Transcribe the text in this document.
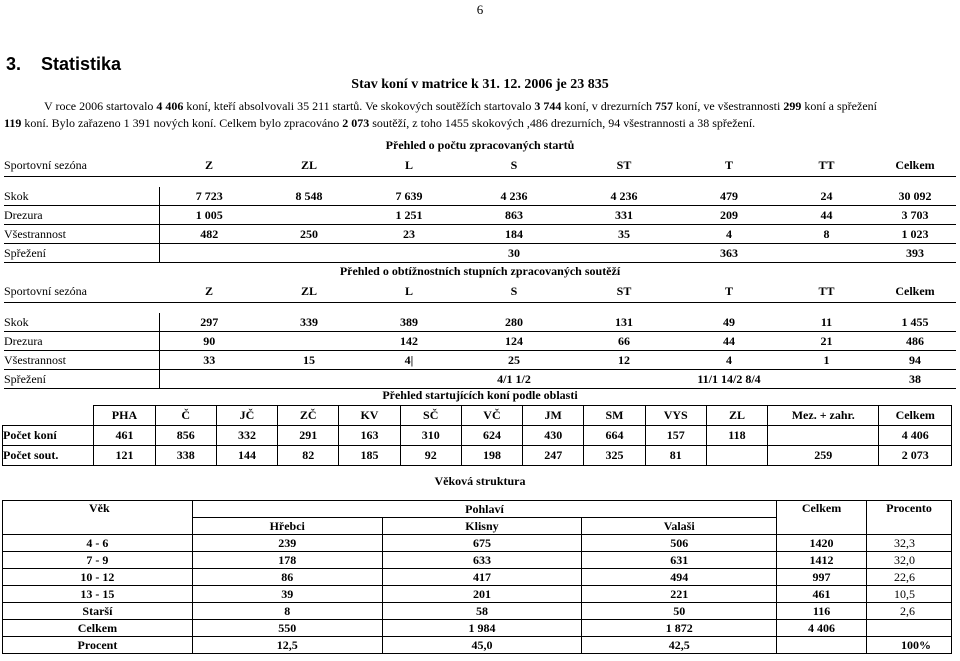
6
3. Statistika
Stav koní v matrice k 31. 12. 2006 je 23 835
V roce 2006 startovalo 4 406 koní, kteří absolvovali 35 211 startů. Ve skokových soutěžích startovalo 3 744 koní, v drezurních 757 koní, ve všestrannosti 299 koní a spřežení
119 koní. Bylo zařazeno 1 391 nových koní. Celkem bylo zpracováno 2 073 soutěží, z toho 1455 skokových ,486 drezurních, 94 všestrannosti a 38 spřežení.
Přehled o počtu zpracovaných startů
Sportovní sezóna	Z	ZL	L	S	ST	T	TT	Celkem

Skok	7 723	8 548	7 639	4 236	4 236	479	24	30 092
Drezura	1 005		1 251	863	331	209	44	3 703
Všestrannost	482	250	23	184	35	4	8	1 023
Spřežení				30		363		393
Přehled o obtížnostních stupních zpracovaných soutěží
Sportovní sezóna	Z	ZL	L	S	ST	T	TT	Celkem

Skok	297	339	389	280	131	49	11	1 455
Drezura	90		142	124	66	44	21	486
Všestrannost	33	15	4|	25	12	4	1	94
Spřežení				4/1 1/2		11/1 14/2 8/4		38
Přehled startujících koní podle oblasti
	PHA	Č	JČ	ZČ	KV	SČ	VČ	JM	SM	VYS	ZL	Mez. + zahr.	Celkem
Počet koní	461	856	332	291	163	310	624	430	664	157	118		4 406
Počet sout.	121	338	144	82	185	92	198	247	325	81		259	2 073
Věková struktura
Věk	Pohlaví			Celkem	Procento
	Hřebci	Klisny	Valaši		
4 - 6	239	675	506	1420	32,3
7 - 9	178	633	631	1412	32,0
10 - 12	86	417	494	997	22,6
13 - 15	39	201	221	461	10,5
Starší	8	58	50	116	2,6
Celkem	550	1 984	1 872	4 406	
Procent	12,5	45,0	42,5		100%
